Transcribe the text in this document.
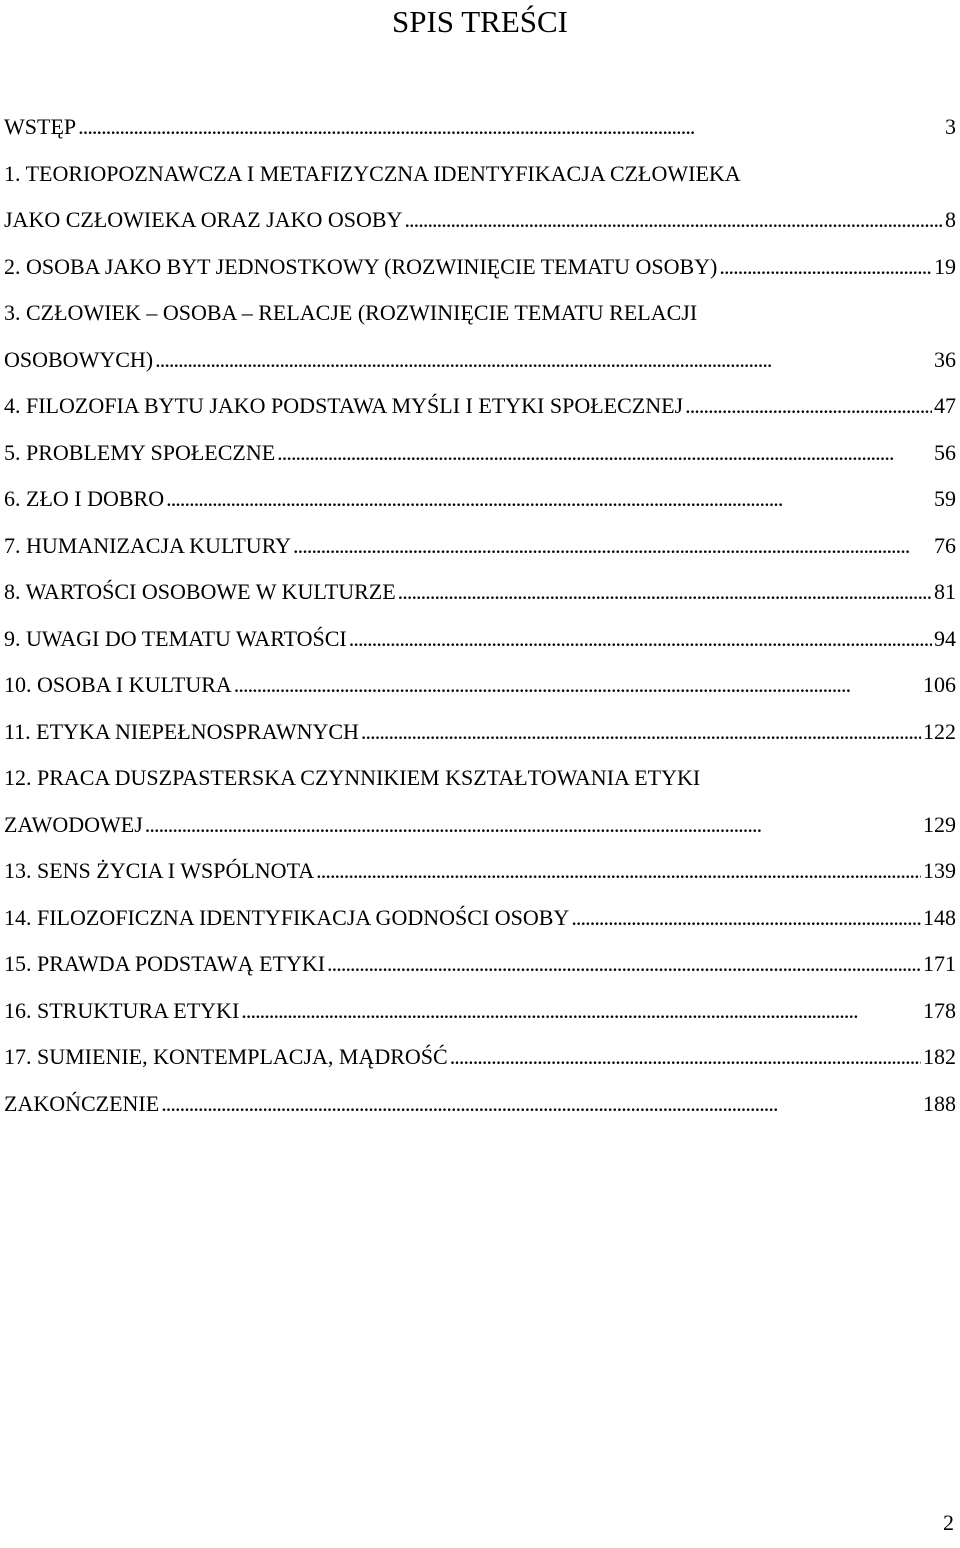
SPIS TREŚCI
WSTĘP . . .	3
1. TEORIOPOZNAWCZA I METAFIZYCZNA IDENTYFIKACJA CZŁOWIEKA
JAKO CZŁOWIEKA ORAZ JAKO OSOBY . . .	8
2. OSOBA JAKO BYT JEDNOSTKOWY (ROZWINIĘCIE TEMATU OSOBY) . . .	19
3. CZŁOWIEK – OSOBA – RELACJE (ROZWINIĘCIE TEMATU RELACJI
OSOBOWYCH) . . .	36
4. FILOZOFIA BYTU JAKO PODSTAWA MYŚLI I ETYKI SPOŁECZNEJ . . .	47
5. PROBLEMY SPOŁECZNE . . .	56
6. ZŁO I DOBRO . . .	59
7. HUMANIZACJA KULTURY . . .	76
8. WARTOŚCI OSOBOWE W KULTURZE . . .	81
9. UWAGI DO TEMATU WARTOŚCI . . .	94
10. OSOBA I KULTURA . . .	106
11. ETYKA NIEPEŁNOSPRAWNYCH . . .	122
12. PRACA DUSZPASTERSKA CZYNNIKIEM KSZTAŁTOWANIA ETYKI
ZAWODOWEJ . . .	129
13. SENS ŻYCIA I WSPÓLNOTA . . .	139
14. FILOZOFICZNA IDENTYFIKACJA GODNOŚCI OSOBY . . .	148
15. PRAWDA PODSTAWĄ ETYKI . . .	171
16. STRUKTURA ETYKI . . .	178
17. SUMIENIE, KONTEMPLACJA, MĄDROŚĆ . . .	182
ZAKOŃCZENIE . . .	188
2
